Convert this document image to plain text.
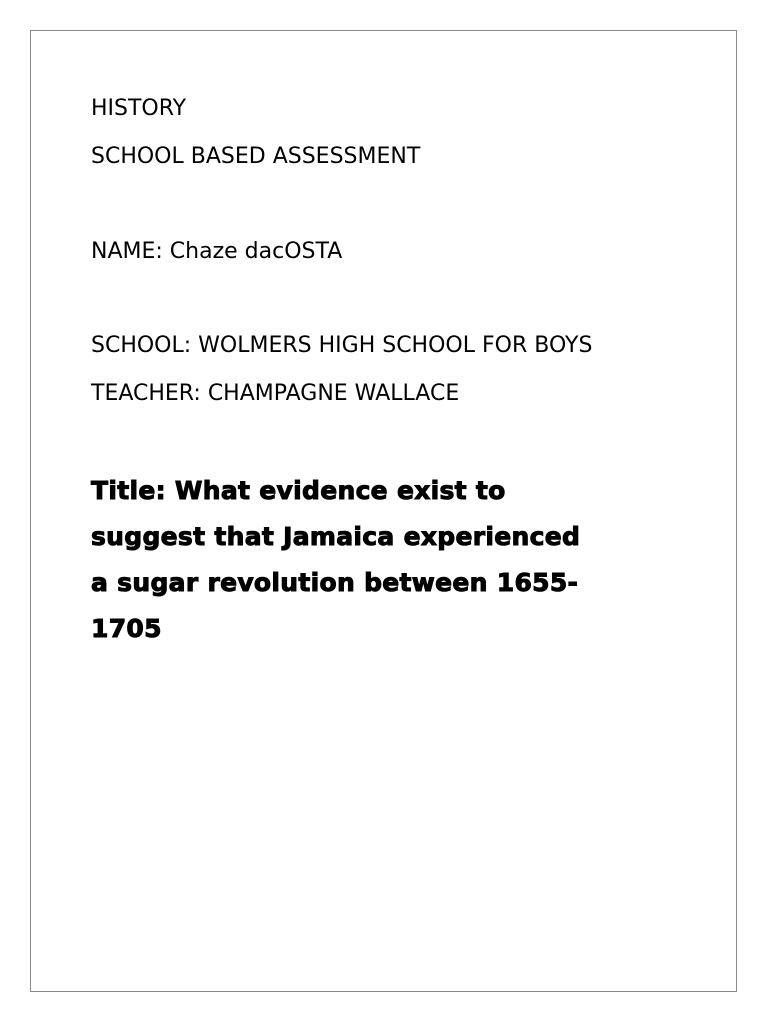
HISTORY

SCHOOL BASED ASSESSMENT

NAME: Chaze dacOSTA

SCHOOL: WOLMERS HIGH SCHOOL FOR BOYS

TEACHER: CHAMPAGNE WALLACE

Title: What evidence exist to
suggest that Jamaica experienced
a sugar revolution between 1655-
1705
